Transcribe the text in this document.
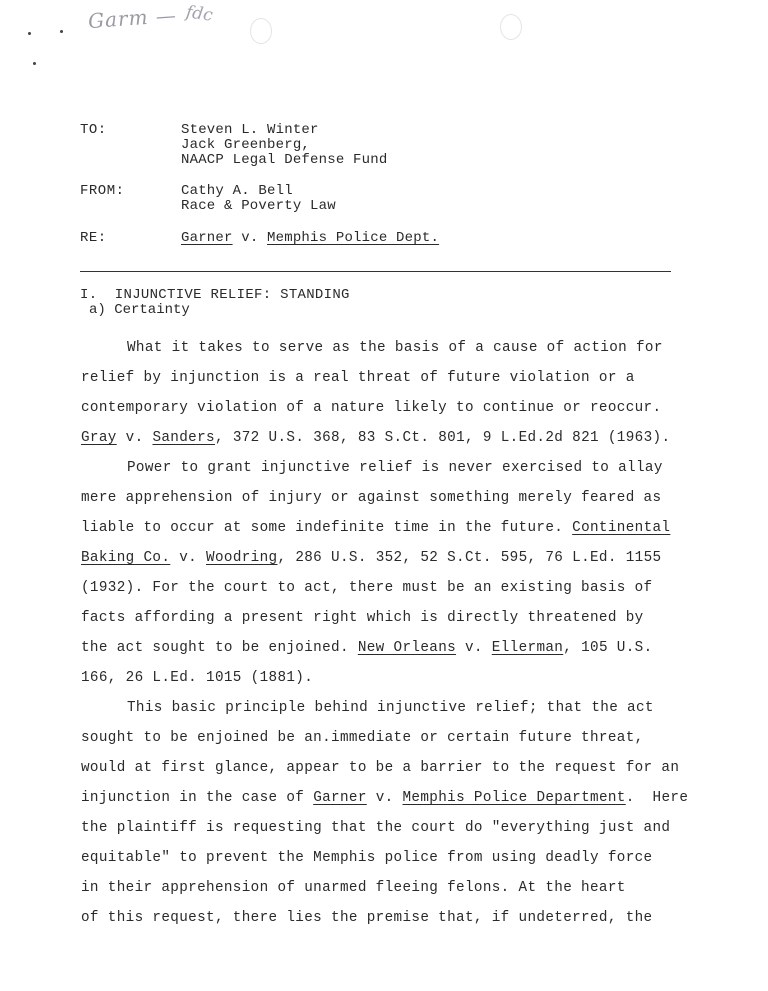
Garm — fdc
TO:	Steven L. Winter
Jack Greenberg,
NAACP Legal Defense Fund
FROM:	Cathy A. Bell
Race & Poverty Law
RE:	Garner v. Memphis Police Dept.
I.  INJUNCTIVE RELIEF: STANDING
a) Certainty
What it takes to serve as the basis of a cause of action for
relief by injunction is a real threat of future violation or a
contemporary violation of a nature likely to continue or reoccur.
Gray v. Sanders, 372 U.S. 368, 83 S.Ct. 801, 9 L.Ed.2d 821 (1963).
Power to grant injunctive relief is never exercised to allay
mere apprehension of injury or against something merely feared as
liable to occur at some indefinite time in the future. Continental
Baking Co. v. Woodring, 286 U.S. 352, 52 S.Ct. 595, 76 L.Ed. 1155
(1932). For the court to act, there must be an existing basis of
facts affording a present right which is directly threatened by
the act sought to be enjoined. New Orleans v. Ellerman, 105 U.S.
166, 26 L.Ed. 1015 (1881).
This basic principle behind injunctive relief; that the act
sought to be enjoined be an.immediate or certain future threat,
would at first glance, appear to be a barrier to the request for an
injunction in the case of Garner v. Memphis Police Department.  Here
the plaintiff is requesting that the court do "everything just and
equitable" to prevent the Memphis police from using deadly force
in their apprehension of unarmed fleeing felons. At the heart
of this request, there lies the premise that, if undeterred, the
